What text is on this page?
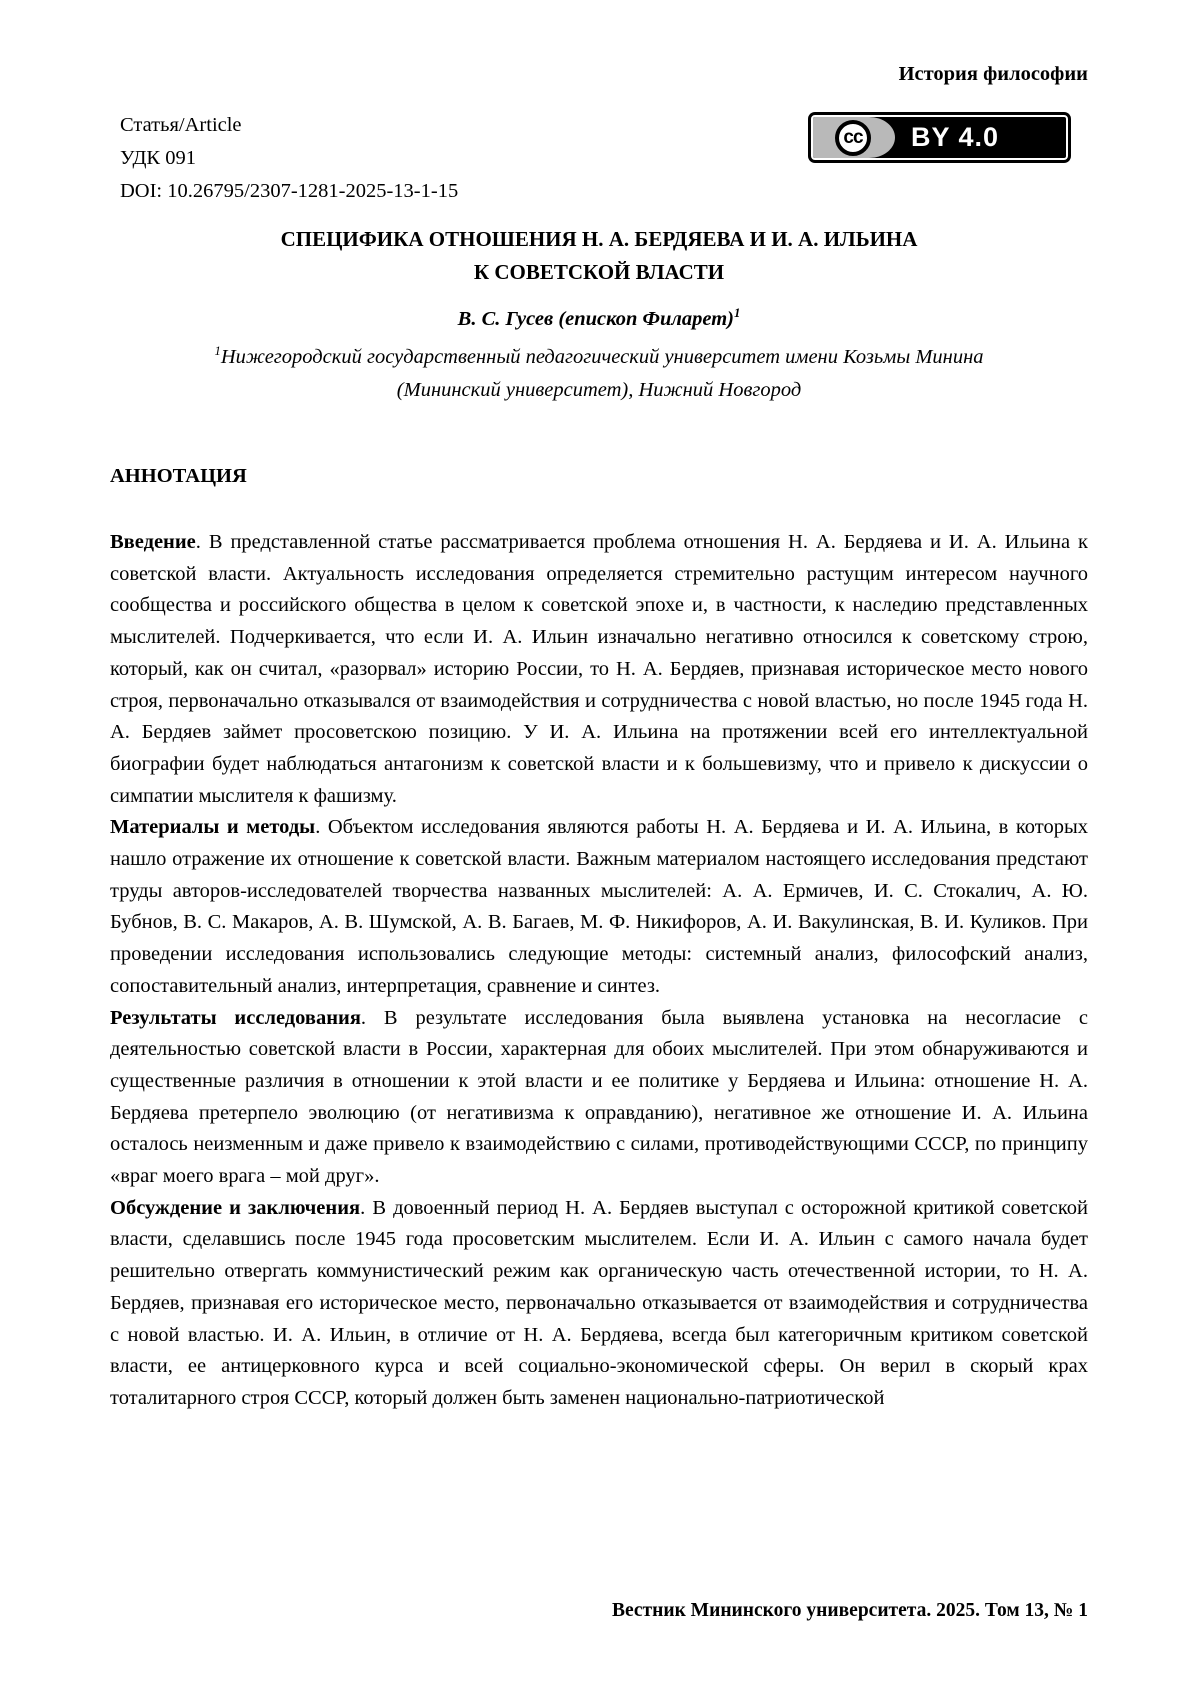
История философии
Статья/Article
УДК 091
DOI: 10.26795/2307-1281-2025-13-1-15
cc	BY 4.0
СПЕЦИФИКА ОТНОШЕНИЯ Н. А. БЕРДЯЕВА И И. А. ИЛЬИНА
К СОВЕТСКОЙ ВЛАСТИ
В. С. Гусев (епископ Филарет)$^1$
$^1$Нижегородский государственный педагогический университет имени Козьмы Минина
(Мининский университет), Нижний Новгород
АННОТАЦИЯ

Введение. В представленной статье рассматривается проблема отношения Н. А. Бердяева и И. А. Ильина к советской власти. Актуальность исследования определяется стремительно растущим интересом научного сообщества и российского общества в целом к советской эпохе и, в частности, к наследию представленных мыслителей. Подчеркивается, что если И. А. Ильин изначально негативно относился к советскому строю, который, как он считал, «разорвал» историю России, то Н. А. Бердяев, признавая историческое место нового строя, первоначально отказывался от взаимодействия и сотрудничества с новой властью, но после 1945 года Н. А. Бердяев займет просоветскою позицию. У И. А. Ильина на протяжении всей его интеллектуальной биографии будет наблюдаться антагонизм к советской власти и к большевизму, что и привело к дискуссии о симпатии мыслителя к фашизму.

Материалы и методы. Объектом исследования являются работы Н. А. Бердяева и И. А. Ильина, в которых нашло отражение их отношение к советской власти. Важным материалом настоящего исследования предстают труды авторов-исследователей творчества названных мыслителей: А. А. Ермичев, И. С. Стокалич, А. Ю. Бубнов, В. С. Макаров, А. В. Шумской, А. В. Багаев, М. Ф. Никифоров, А. И. Вакулинская, В. И. Куликов. При проведении исследования использовались следующие методы: системный анализ, философский анализ, сопоставительный анализ, интерпретация, сравнение и синтез.

Результаты исследования. В результате исследования была выявлена установка на несогласие с деятельностью советской власти в России, характерная для обоих мыслителей. При этом обнаруживаются и существенные различия в отношении к этой власти и ее политике у Бердяева и Ильина: отношение Н. А. Бердяева претерпело эволюцию (от негативизма к оправданию), негативное же отношение И. А. Ильина осталось неизменным и даже привело к взаимодействию с силами, противодействующими СССР, по принципу «враг моего врага – мой друг».

Обсуждение и заключения. В довоенный период Н. А. Бердяев выступал с осторожной критикой советской власти, сделавшись после 1945 года просоветским мыслителем. Если И. А. Ильин с самого начала будет решительно отвергать коммунистический режим как органическую часть отечественной истории, то Н. А. Бердяев, признавая его историческое место, первоначально отказывается от взаимодействия и сотрудничества с новой властью. И. А. Ильин, в отличие от Н. А. Бердяева, всегда был категоричным критиком советской власти, ее антицерковного курса и всей социально-экономической сферы. Он верил в скорый крах тоталитарного строя СССР, который должен быть заменен национально-патриотической

Вестник Мининского университета. 2025. Том 13, № 1
